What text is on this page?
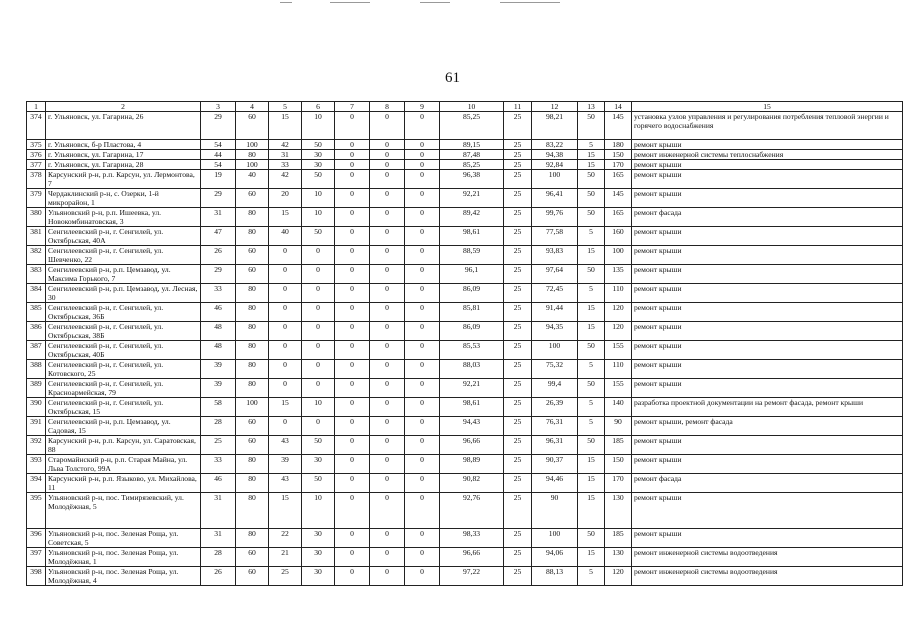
61
1	2	3	4	5	6	7	8	9	10	11	12	13	14	15
374	г. Ульяновск, ул. Гагарина, 26	29	60	15	10	0	0	0	85,25	25	98,21	50	145	установка узлов управления и регулирования потребления тепловой энергии и горячего водоснабжения
375	г. Ульяновск, б-р Пластова, 4	54	100	42	50	0	0	0	89,15	25	83,22	5	180	ремонт крыши
376	г. Ульяновск, ул. Гагарина, 17	44	80	31	30	0	0	0	87,48	25	94,38	15	150	ремонт инженерной системы теплоснабжения
377	г. Ульяновск, ул. Гагарина, 28	54	100	33	30	0	0	0	85,25	25	92,84	15	170	ремонт крыши
378	Карсунский р-н, р.п. Карсун, ул. Лермонтова, 7	19	40	42	50	0	0	0	96,38	25	100	50	165	ремонт крыши
379	Чердаклинский р-н, с. Озерки, 1-й микрорайон, 1	29	60	20	10	0	0	0	92,21	25	96,41	50	145	ремонт крыши
380	Ульяновский р-н, р.п. Ишеевка, ул. Новокомбинатовская, 3	31	80	15	10	0	0	0	89,42	25	99,76	50	165	ремонт фасада
381	Сенгилеевский р-н, г. Сенгилей, ул. Октябрьская, 40А	47	80	40	50	0	0	0	98,61	25	77,58	5	160	ремонт крыши
382	Сенгилеевский р-н, г. Сенгилей, ул. Шевченко, 22	26	60	0	0	0	0	0	88,59	25	93,83	15	100	ремонт крыши
383	Сенгилеевский р-н, р.п. Цемзавод, ул. Максима Горького, 7	29	60	0	0	0	0	0	96,1	25	97,64	50	135	ремонт крыши
384	Сенгилеевский р-н, р.п. Цемзавод, ул. Лесная, 30	33	80	0	0	0	0	0	86,09	25	72,45	5	110	ремонт крыши
385	Сенгилеевский р-н, г. Сенгилей, ул. Октябрьская, 36Б	46	80	0	0	0	0	0	85,81	25	91,44	15	120	ремонт крыши
386	Сенгилеевский р-н, г. Сенгилей, ул. Октябрьская, 38Б	48	80	0	0	0	0	0	86,09	25	94,35	15	120	ремонт крыши
387	Сенгилеевский р-н, г. Сенгилей, ул. Октябрьская, 40Б	48	80	0	0	0	0	0	85,53	25	100	50	155	ремонт крыши
388	Сенгилеевский р-н, г. Сенгилей, ул. Котовского, 25	39	80	0	0	0	0	0	88,03	25	75,32	5	110	ремонт крыши
389	Сенгилеевский р-н, г. Сенгилей, ул. Красноармейская, 79	39	80	0	0	0	0	0	92,21	25	99,4	50	155	ремонт крыши
390	Сенгилеевский р-н, г. Сенгилей, ул. Октябрьская, 15	58	100	15	10	0	0	0	98,61	25	26,39	5	140	разработка проектной документации на ремонт фасада, ремонт крыши
391	Сенгилеевский р-н, р.п. Цемзавод, ул. Садовая, 15	28	60	0	0	0	0	0	94,43	25	76,31	5	90	ремонт крыши, ремонт фасада
392	Карсунский р-н, р.п. Карсун, ул. Саратовская, 88	25	60	43	50	0	0	0	96,66	25	96,31	50	185	ремонт крыши
393	Старомайнский р-н, р.п. Старая Майна, ул. Льва Толстого, 99А	33	80	39	30	0	0	0	98,89	25	90,37	15	150	ремонт крыши
394	Карсунский р-н, р.п. Языково, ул. Михайлова, 11	46	80	43	50	0	0	0	90,82	25	94,46	15	170	ремонт фасада
395	Ульяновский р-н, пос. Тимирязевский, ул. Молодёжная, 5	31	80	15	10	0	0	0	92,76	25	90	15	130	ремонт крыши
396	Ульяновский р-н, пос. Зеленая Роща, ул. Советская, 5	31	80	22	30	0	0	0	98,33	25	100	50	185	ремонт крыши
397	Ульяновский р-н, пос. Зеленая Роща, ул. Молодёжная, 1	28	60	21	30	0	0	0	96,66	25	94,06	15	130	ремонт инженерной системы водоотведения
398	Ульяновский р-н, пос. Зеленая Роща, ул. Молодёжная, 4	26	60	25	30	0	0	0	97,22	25	88,13	5	120	ремонт инженерной системы водоотведения
